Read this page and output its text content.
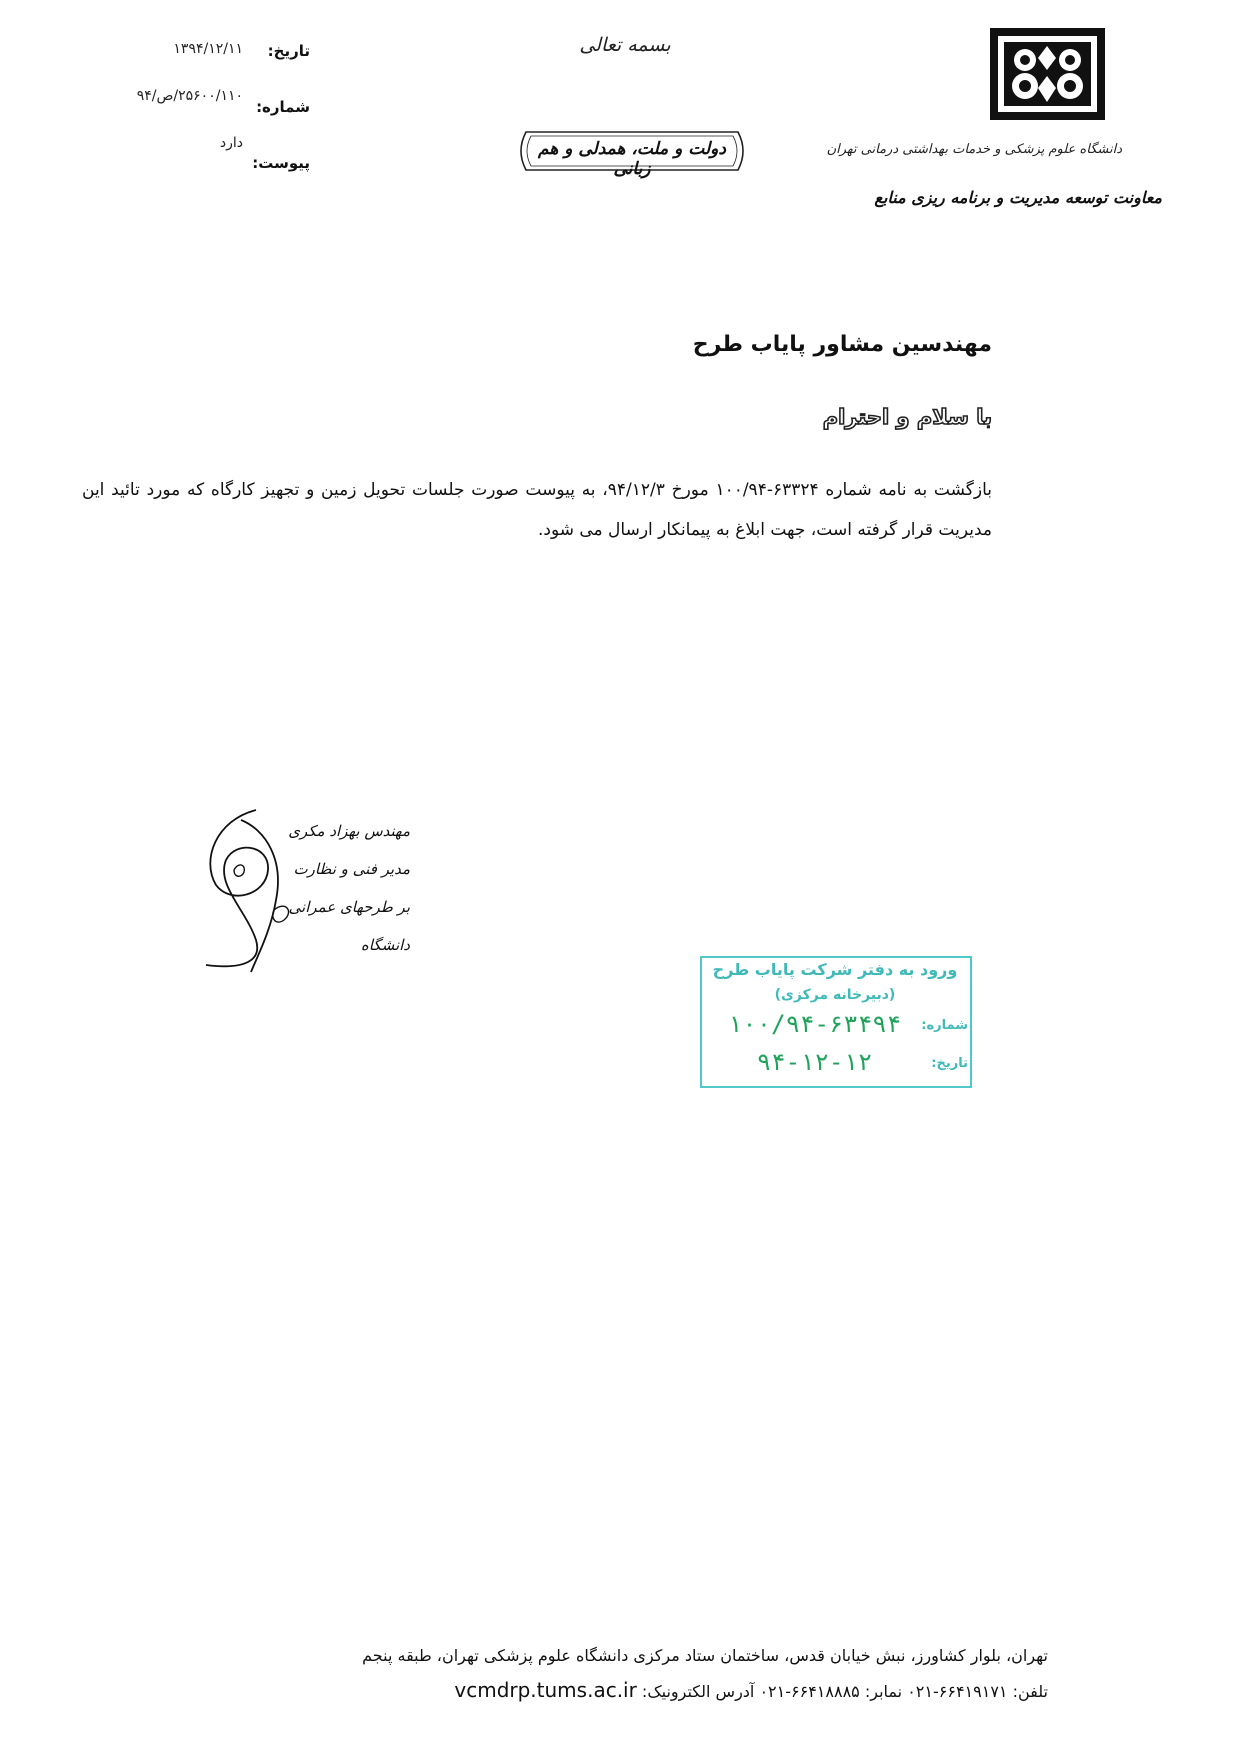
دانشگاه علوم پزشکی و خدمات بهداشتی درمانی تهران
معاونت توسعه مدیریت و برنامه ریزی منابع
بسمه تعالی
دولت و ملت، همدلی و هم زبانی
تاریخ:
۱۳۹۴/۱۲/۱۱
شماره:
۲۵۶۰۰/۱۱۰/ص/۹۴
پیوست:
دارد
مهندسین مشاور پایاب طرح
با سلام و احترام
بازگشت به نامه شماره ۶۳۳۲۴-۱۰۰/۹۴ مورخ ۹۴/۱۲/۳، به پیوست صورت جلسات تحویل زمین و تجهیز کارگاه که مورد تائید این مدیریت قرار گرفته است، جهت ابلاغ به پیمانکار ارسال می شود.
مهندس بهزاد مکری
مدیر فنی و نظارت
بر طرحهای عمرانی دانشگاه
ورود به دفتر شرکت پایاب طرح
(دبیرخانه مرکزی)
شماره:
۱۰۰/۹۴-۶۳۴۹۴
تاریخ:
۹۴-۱۲-۱۲
تهران، بلوار کشاورز، نبش خیابان قدس، ساختمان ستاد مرکزی دانشگاه علوم پزشکی تهران، طبقه پنجم
تلفن: ۶۶۴۱۹۱۷۱-۰۲۱ نمابر: ۶۶۴۱۸۸۸۵-۰۲۱ آدرس الکترونیک: vcmdrp.tums.ac.ir
